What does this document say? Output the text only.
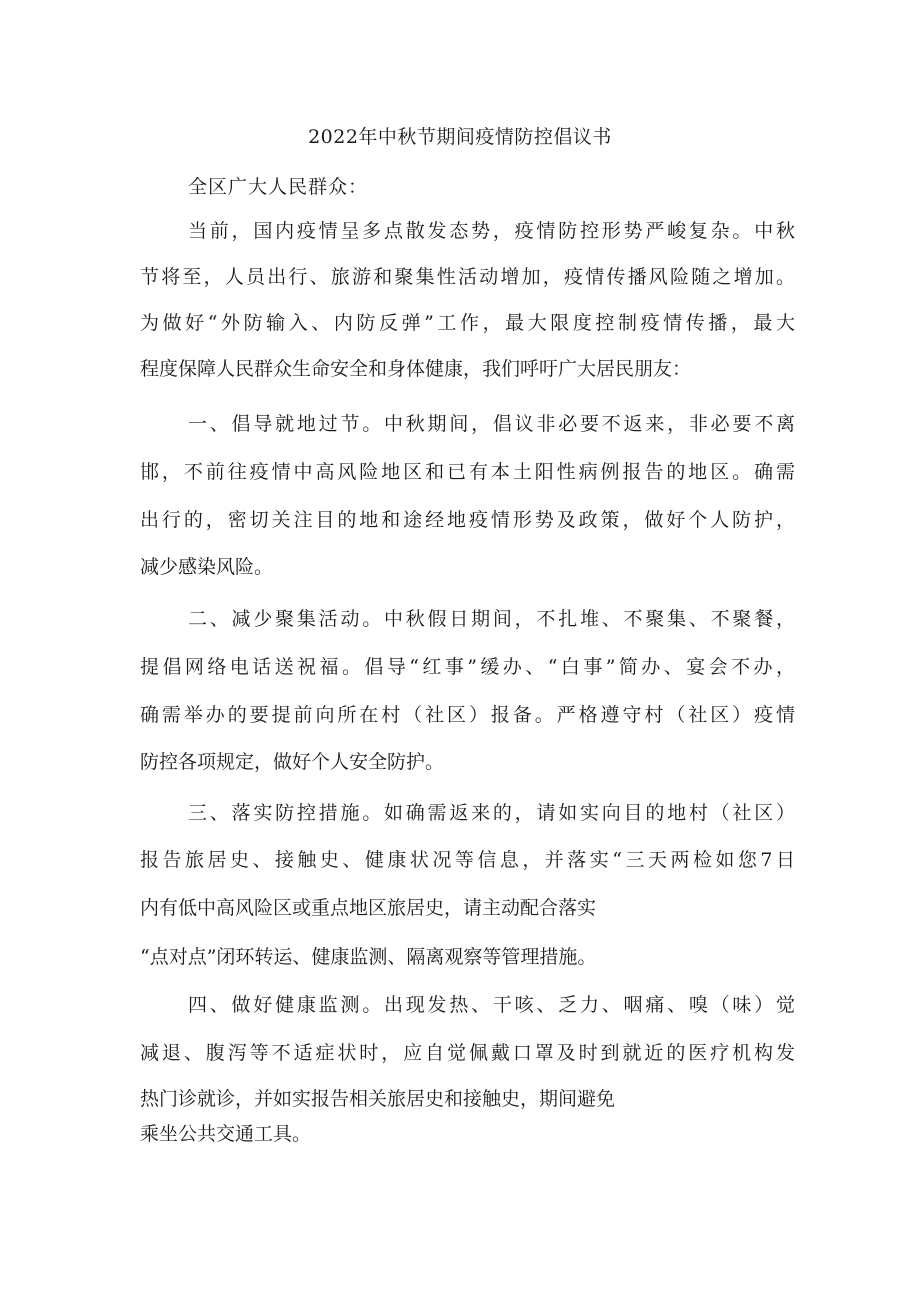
2022年中秋节期间疫情防控倡议书
全区广大人民群众：
当前，国内疫情呈多点散发态势，疫情防控形势严峻复杂。中秋
节将至，人员出行、旅游和聚集性活动增加，疫情传播风险随之增加。
为做好“外防输入、内防反弹”工作，最大限度控制疫情传播，最大
程度保障人民群众生命安全和身体健康，我们呼吁广大居民朋友：
一、倡导就地过节。中秋期间，倡议非必要不返来，非必要不离
邯，不前往疫情中高风险地区和已有本土阳性病例报告的地区。确需
出行的，密切关注目的地和途经地疫情形势及政策，做好个人防护，
减少感染风险。
二、减少聚集活动。中秋假日期间，不扎堆、不聚集、不聚餐，
提倡网络电话送祝福。倡导“红事”缓办、“白事”简办、宴会不办，
确需举办的要提前向所在村（社区）报备。严格遵守村（社区）疫情
防控各项规定，做好个人安全防护。
三、落实防控措施。如确需返来的，请如实向目的地村（社区）
报告旅居史、接触史、健康状况等信息，并落实“三天两检如您7日
内有低中高风险区或重点地区旅居史，请主动配合落实
“点对点”闭环转运、健康监测、隔离观察等管理措施。
四、做好健康监测。出现发热、干咳、乏力、咽痛、嗅（味）觉
减退、腹泻等不适症状时，应自觉佩戴口罩及时到就近的医疗机构发
热门诊就诊，并如实报告相关旅居史和接触史，期间避免
乘坐公共交通工具。
